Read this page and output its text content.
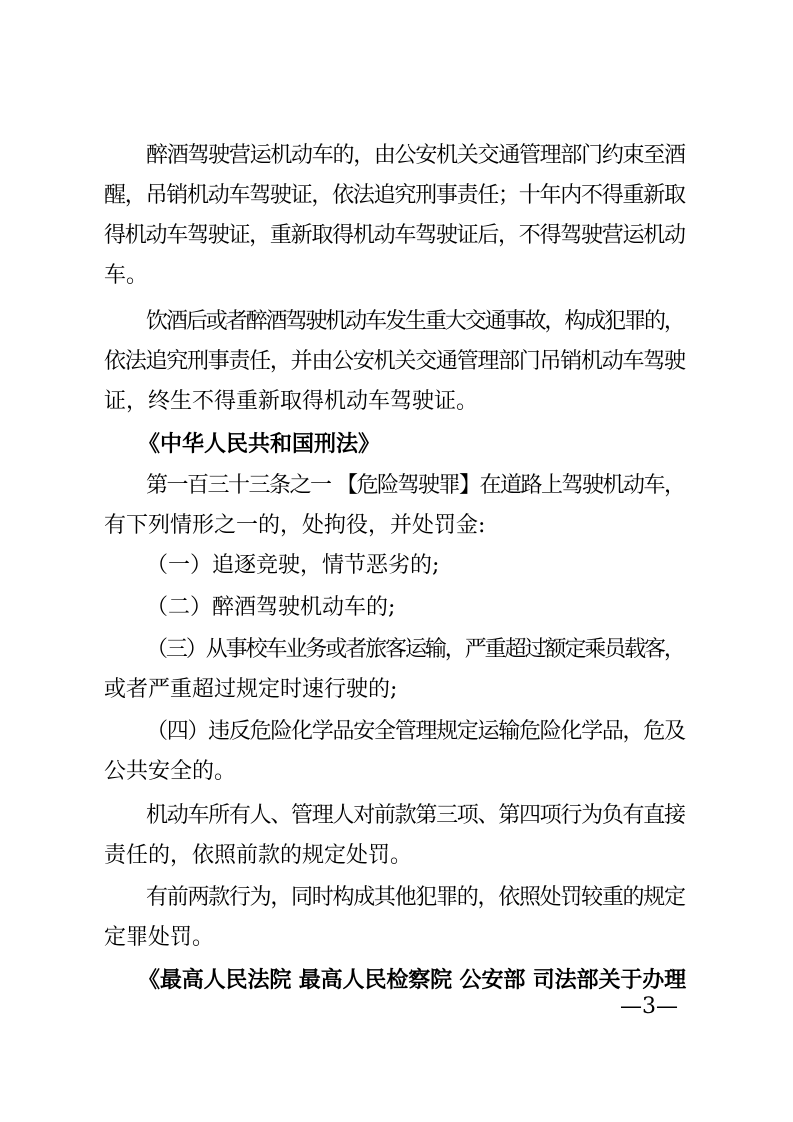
醉酒驾驶营运机动车的，由公安机关交通管理部门约束至酒
醒，吊销机动车驾驶证，依法追究刑事责任；十年内不得重新取
得机动车驾驶证，重新取得机动车驾驶证后，不得驾驶营运机动
车。
饮酒后或者醉酒驾驶机动车发生重大交通事故，构成犯罪的，
依法追究刑事责任，并由公安机关交通管理部门吊销机动车驾驶
证，终生不得重新取得机动车驾驶证。
《中华人民共和国刑法》
第一百三十三条之一 【危险驾驶罪】在道路上驾驶机动车，
有下列情形之一的，处拘役，并处罚金:
（一）追逐竞驶，情节恶劣的;
（二）醉酒驾驶机动车的;
（三）从事校车业务或者旅客运输，严重超过额定乘员载客，
或者严重超过规定时速行驶的;
（四）违反危险化学品安全管理规定运输危险化学品，危及
公共安全的。
机动车所有人、管理人对前款第三项、第四项行为负有直接
责任的，依照前款的规定处罚。
有前两款行为，同时构成其他犯罪的，依照处罚较重的规定
定罪处罚。
《最高人民法院 最高人民检察院 公安部 司法部关于办理
—3—
